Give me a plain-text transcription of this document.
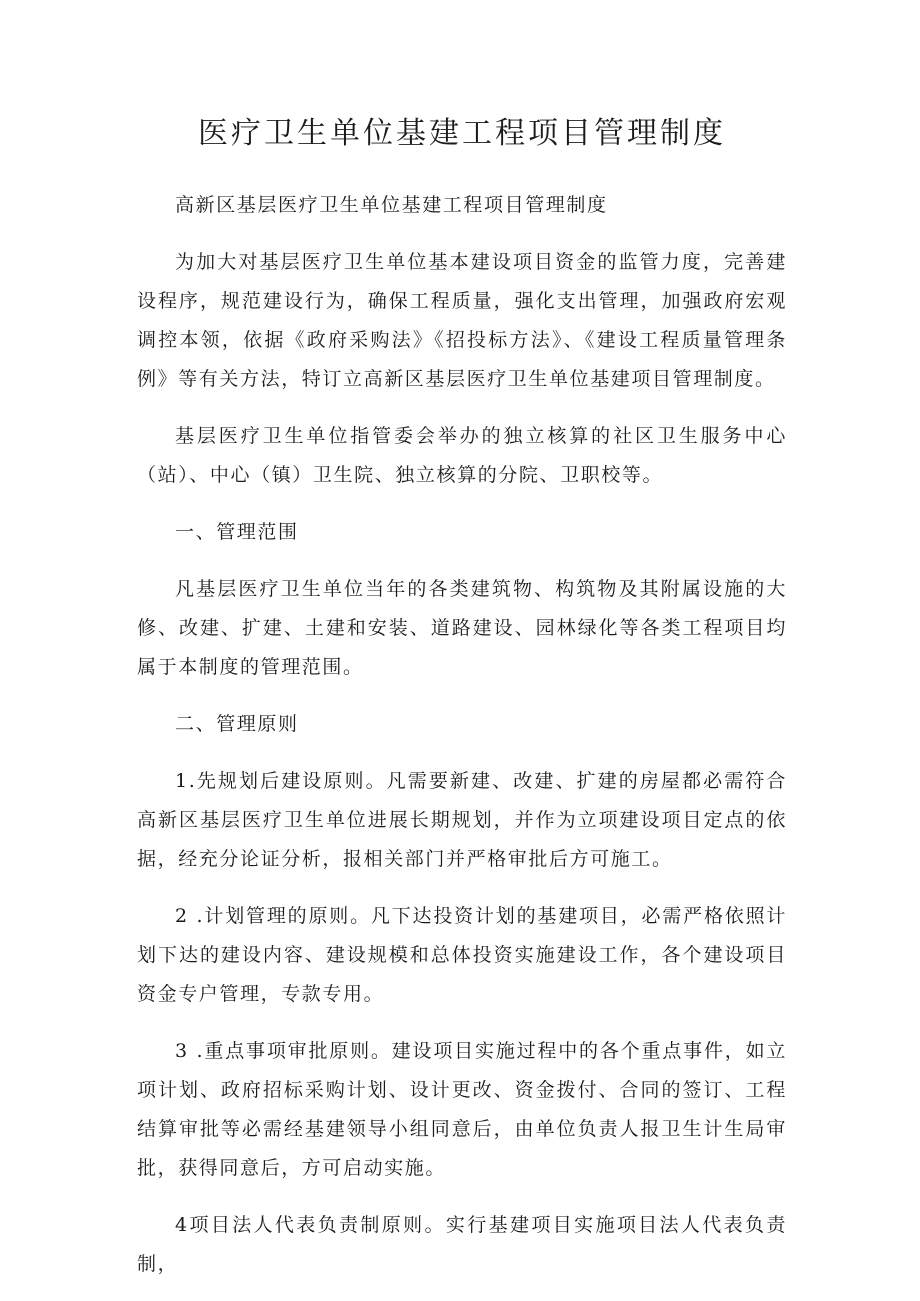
医疗卫生单位基建工程项目管理制度

高新区基层医疗卫生单位基建工程项目管理制度

为加大对基层医疗卫生单位基本建设项目资金的监管力度，完善建设程序，规范建设行为，确保工程质量，强化支出管理，加强政府宏观调控本领，依据《政府采购法》《招投标方法》、《建设工程质量管理条例》等有关方法，特订立高新区基层医疗卫生单位基建项目管理制度。

基层医疗卫生单位指管委会举办的独立核算的社区卫生服务中心（站）、中心（镇）卫生院、独立核算的分院、卫职校等。

一、管理范围

凡基层医疗卫生单位当年的各类建筑物、构筑物及其附属设施的大修、改建、扩建、土建和安装、道路建设、园林绿化等各类工程项目均属于本制度的管理范围。

二、管理原则

1.先规划后建设原则。凡需要新建、改建、扩建的房屋都必需符合高新区基层医疗卫生单位进展长期规划，并作为立项建设项目定点的依据，经充分论证分析，报相关部门并严格审批后方可施工。

2 .计划管理的原则。凡下达投资计划的基建项目，必需严格依照计划下达的建设内容、建设规模和总体投资实施建设工作，各个建设项目资金专户管理，专款专用。

3 .重点事项审批原则。建设项目实施过程中的各个重点事件，如立项计划、政府招标采购计划、设计更改、资金拨付、合同的签订、工程结算审批等必需经基建领导小组同意后，由单位负责人报卫生计生局审批，获得同意后，方可启动实施。

4项目法人代表负责制原则。实行基建项目实施项目法人代表负责制，
